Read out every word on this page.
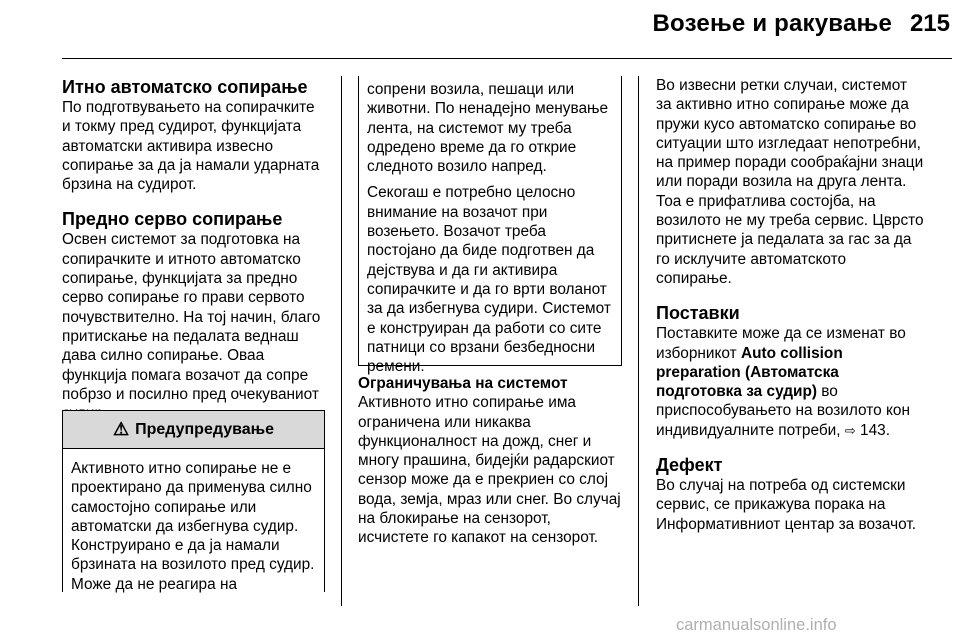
Возење и ракување 215
Итно автоматско сопирање

По подготвувањето на сопирачките и токму пред судирот, функцијата автоматски активира извесно сопирање за да ја намали ударната брзина на судирот.

Предно серво сопирање

Освен системот за подготовка на сопирачките и итното автоматско сопирање, функцијата за предно серво сопирање го прави сервото почувствително. На тој начин, благо притискање на педалата веднаш дава силно сопирање. Оваа функција помага возачот да сопре побрзо и посилно пред очекуваниот

⚠ Предупредување
Активното итно сопирање не е проектирано да применува силно самостојно сопирање или автоматски да избегнува судир. Конструирано е да ја намали брзината на возилото пред судир. Може да не реагира на

сопрени возила, пешаци или животни. По ненадејно менување лента, на системот му треба одредено време да го открие следното возило напред.

Секогаш е потребно целосно внимание на возачот при возењето. Возачот треба постојано да биде подготвен да дејствува и да ги активира сопирачките и да го врти воланот за да избегнува судири. Системот е конструиран да работи со сите патници со врзани безбедносни ремени.

Ограничувања на системот

Активното итно сопирање има ограничена или никаква функционалност на дожд, снег и многу прашина, бидејќи радарскиот сензор може да е прекриен со слој вода, земја, мраз или снег. Во случај на блокирање на сензорот, исчистете го капакот на сензорот.

Во извесни ретки случаи, системот за активно итно сопирање може да пружи кусо автоматско сопирање во ситуации што изгледаат непотребни, на пример поради сообраќајни знаци или поради возила на друга лента. Тоа е прифатлива состојба, на возилото не му треба сервис. Цврсто притиснете ја педалата за гас за да го исклучите автоматското сопирање.

Поставки

Поставките може да се изменат во изборникот Auto collision preparation (Автоматска подготовка за судир) во приспособувањето на возилото кон индивидуалните потреби, ⇨ 143.

Дефект

Во случај на потреба од системски сервис, се прикажува порака на Информативниот центар за возачот.

carmanualsonline.info
